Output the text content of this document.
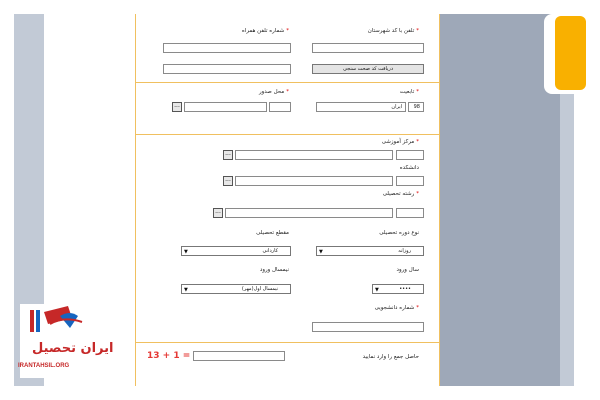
*تلفن با کد شهرستان
*شماره تلفن همراه
دریافت کد صحت سنجی
*تابعیت
*محل صدور
98
ایران
...
*مرکز آموزشی
...
دانشکده
...
*رشته تحصیلی
...
نوع دوره تحصیلی
مقطع تحصیلی
روزانه
▼
کاردانی
▼
سال ورود
نیمسال ورود
••••
▼
نیمسال اول(مهر)
▼
*شماره دانشجویی
حاصل جمع را وارد نمایید
13 + 1 =
ایران تحصیل
IRANTAHSIL.ORG
